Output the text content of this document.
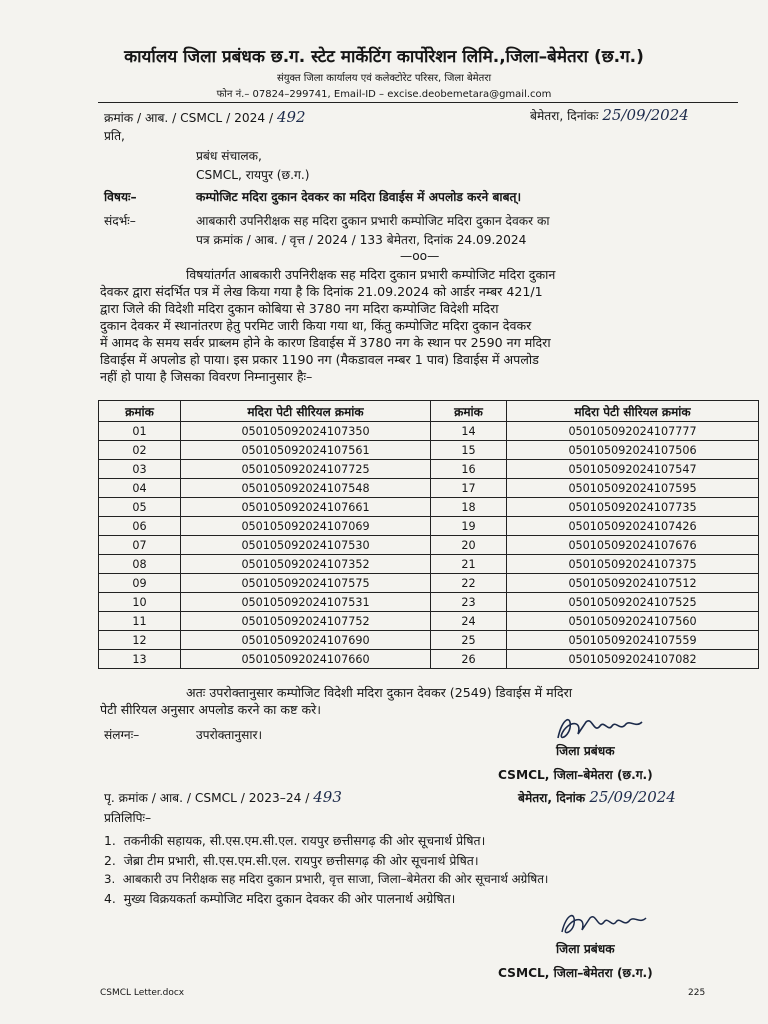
कार्यालय जिला प्रबंधक छ.ग. स्टेट मार्केटिंग कार्पोरेशन लिमि.,जिला–बेमेतरा (छ.ग.)
संयुक्त जिला कार्यालय एवं कलेक्टोरेट परिसर, जिला बेमेतरा
फोन नं.– 07824–299741, Email-ID – excise.deobemetara@gmail.com
क्रमांक / आब. / CSMCL / 2024 / 492	बेमेतरा, दिनांकः 25/09/2024
प्रति,
प्रबंध संचालक,
CSMCL, रायपुर (छ.ग.)
विषयः–	कम्पोजिट मदिरा दुकान देवकर का मदिरा डिवाईस में अपलोड करने बाबत्।
संदर्भः–	आबकारी उपनिरीक्षक सह मदिरा दुकान प्रभारी कम्पोजिट मदिरा दुकान देवकर का
पत्र क्रमांक / आब. / वृत्त / 2024 / 133 बेमेतरा, दिनांक 24.09.2024
—oo—
विषयांतर्गत आबकारी उपनिरीक्षक सह मदिरा दुकान प्रभारी कम्पोजिट मदिरा दुकान
देवकर द्वारा संदर्भित पत्र में लेख किया गया है कि दिनांक 21.09.2024 को आर्डर नम्बर 421/1
द्वारा जिले की विदेशी मदिरा दुकान कोबिया से 3780 नग मदिरा कम्पोजिट विदेशी मदिरा
दुकान देवकर में स्थानांतरण हेतु परमिट जारी किया गया था, किंतु कम्पोजिट मदिरा दुकान देवकर
में आमद के समय सर्वर प्राब्लम होने के कारण डिवाईस में 3780 नग के स्थान पर 2590 नग मदिरा
डिवाईस में अपलोड हो पाया। इस प्रकार 1190 नग (मैकडावल नम्बर 1 पाव) डिवाईस में अपलोड
नहीं हो पाया है जिसका विवरण निम्नानुसार हैः–
क्रमांक	मदिरा पेटी सीरियल क्रमांक	क्रमांक	मदिरा पेटी सीरियल क्रमांक
01	050105092024107350	14	050105092024107777
02	050105092024107561	15	050105092024107506
03	050105092024107725	16	050105092024107547
04	050105092024107548	17	050105092024107595
05	050105092024107661	18	050105092024107735
06	050105092024107069	19	050105092024107426
07	050105092024107530	20	050105092024107676
08	050105092024107352	21	050105092024107375
09	050105092024107575	22	050105092024107512
10	050105092024107531	23	050105092024107525
11	050105092024107752	24	050105092024107560
12	050105092024107690	25	050105092024107559
13	050105092024107660	26	050105092024107082
अतः उपरोक्तानुसार कम्पोजिट विदेशी मदिरा दुकान देवकर (2549) डिवाईस में मदिरा
पेटी सीरियल अनुसार अपलोड करने का कष्ट करे।
संलग्नः–	उपरोक्तानुसार।
जिला प्रबंधक
CSMCL, जिला–बेमेतरा (छ.ग.)
पृ. क्रमांक / आब. / CSMCL / 2023–24 / 493	बेमेतरा, दिनांक 25/09/2024
प्रतिलिपिः–
1. तकनीकी सहायक, सी.एस.एम.सी.एल. रायपुर छत्तीसगढ़ की ओर सूचनार्थ प्रेषित।
2. जेब्रा टीम प्रभारी, सी.एस.एम.सी.एल. रायपुर छत्तीसगढ़ की ओर सूचनार्थ प्रेषित।
3. आबकारी उप निरीक्षक सह मदिरा दुकान प्रभारी, वृत्त साजा, जिला–बेमेतरा की ओर सूचनार्थ अग्रेषित।
4. मुख्य विक्रयकर्ता कम्पोजिट मदिरा दुकान देवकर की ओर पालनार्थ अग्रेषित।
जिला प्रबंधक
CSMCL, जिला–बेमेतरा (छ.ग.)
CSMCL Letter.docx	225
